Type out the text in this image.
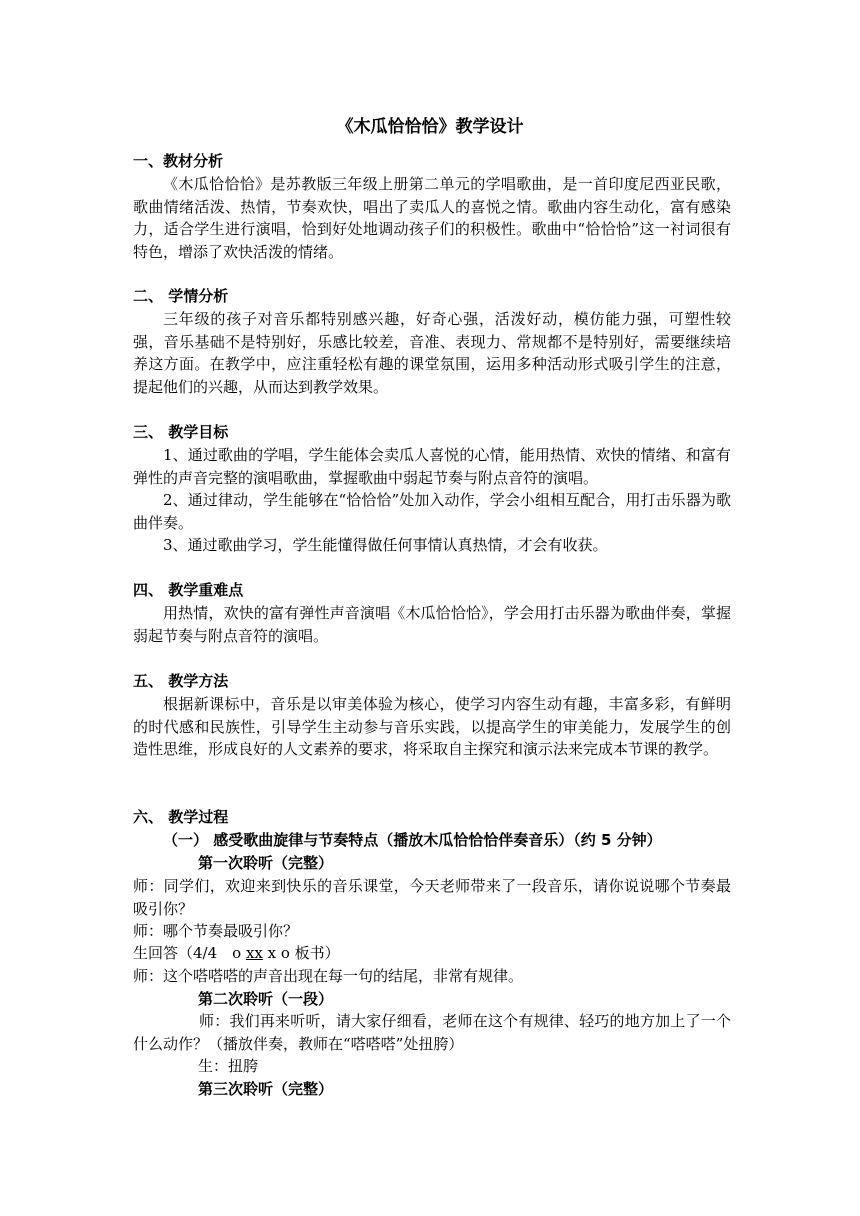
《木瓜恰恰恰》教学设计
一、教材分析

《木瓜恰恰恰》是苏教版三年级上册第二单元的学唱歌曲，是一首印度尼西亚民歌，歌曲情绪活泼、热情，节奏欢快，唱出了卖瓜人的喜悦之情。歌曲内容生动化，富有感染力，适合学生进行演唱，恰到好处地调动孩子们的积极性。歌曲中“恰恰恰”这一衬词很有特色，增添了欢快活泼的情绪。

二、 学情分析

三年级的孩子对音乐都特别感兴趣，好奇心强，活泼好动，模仿能力强，可塑性较强，音乐基础不是特别好，乐感比较差，音准、表现力、常规都不是特别好，需要继续培养这方面。在教学中，应注重轻松有趣的课堂氛围，运用多种活动形式吸引学生的注意，提起他们的兴趣，从而达到教学效果。

三、 教学目标

1、通过歌曲的学唱，学生能体会卖瓜人喜悦的心情，能用热情、欢快的情绪、和富有弹性的声音完整的演唱歌曲，掌握歌曲中弱起节奏与附点音符的演唱。

2、通过律动，学生能够在“恰恰恰”处加入动作，学会小组相互配合，用打击乐器为歌曲伴奏。

3、通过歌曲学习，学生能懂得做任何事情认真热情，才会有收获。

四、 教学重难点

用热情，欢快的富有弹性声音演唱《木瓜恰恰恰》，学会用打击乐器为歌曲伴奏，掌握弱起节奏与附点音符的演唱。

五、 教学方法

根据新课标中，音乐是以审美体验为核心，使学习内容生动有趣，丰富多彩，有鲜明的时代感和民族性，引导学生主动参与音乐实践，以提高学生的审美能力，发展学生的创造性思维，形成良好的人文素养的要求，将采取自主探究和演示法来完成本节课的教学。

六、 教学过程
（一） 感受歌曲旋律与节奏特点（播放木瓜恰恰恰伴奏音乐）（约 5 分钟）
第一次聆听（完整）

师：同学们，欢迎来到快乐的音乐课堂，今天老师带来了一段音乐，请你说说哪个节奏最吸引你？

师：哪个节奏最吸引你？
生回答（4/4　o xx x o 板书）
师：这个嗒嗒嗒的声音出现在每一句的结尾，非常有规律。
第二次聆听（一段）

师：我们再来听听，请大家仔细看，老师在这个有规律、轻巧的地方加上了一个什么动作？（播放伴奏，教师在“嗒嗒嗒”处扭胯）

生：扭胯
第三次聆听（完整）
